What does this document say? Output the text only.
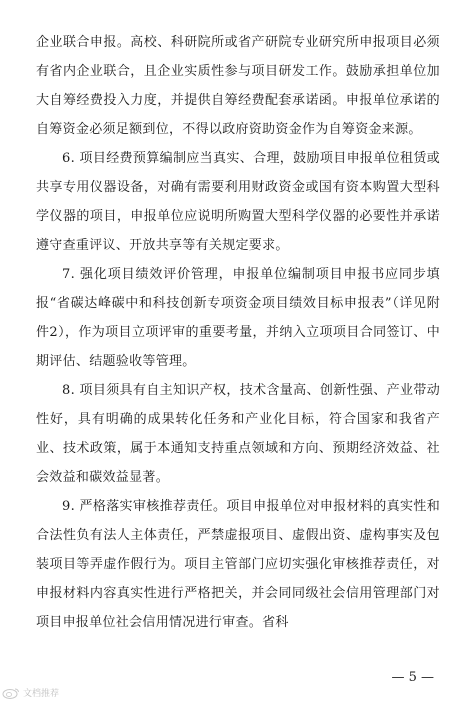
企业联合申报。高校、科研院所或省产研院专业研究所申报项目必须有省内企业联合，且企业实质性参与项目研发工作。鼓励承担单位加大自筹经费投入力度，并提供自筹经费配套承诺函。申报单位承诺的自筹资金必须足额到位，不得以政府资助资金作为自筹资金来源。

6. 项目经费预算编制应当真实、合理，鼓励项目申报单位租赁或共享专用仪器设备，对确有需要利用财政资金或国有资本购置大型科学仪器的项目，申报单位应说明所购置大型科学仪器的必要性并承诺遵守查重评议、开放共享等有关规定要求。

7. 强化项目绩效评价管理，申报单位编制项目申报书应同步填报“省碳达峰碳中和科技创新专项资金项目绩效目标申报表”（详见附件2），作为项目立项评审的重要考量，并纳入立项项目合同签订、中期评估、结题验收等管理。

8. 项目须具有自主知识产权，技术含量高、创新性强、产业带动性好，具有明确的成果转化任务和产业化目标，符合国家和我省产业、技术政策，属于本通知支持重点领域和方向、预期经济效益、社会效益和碳效益显著。

9. 严格落实审核推荐责任。项目申报单位对申报材料的真实性和合法性负有法人主体责任，严禁虚报项目、虚假出资、虚构事实及包装项目等弄虚作假行为。项目主管部门应切实强化审核推荐责任，对申报材料内容真实性进行严格把关，并会同同级社会信用管理部门对项目申报单位社会信用情况进行审查。省科

— 5 —
文档推荐
